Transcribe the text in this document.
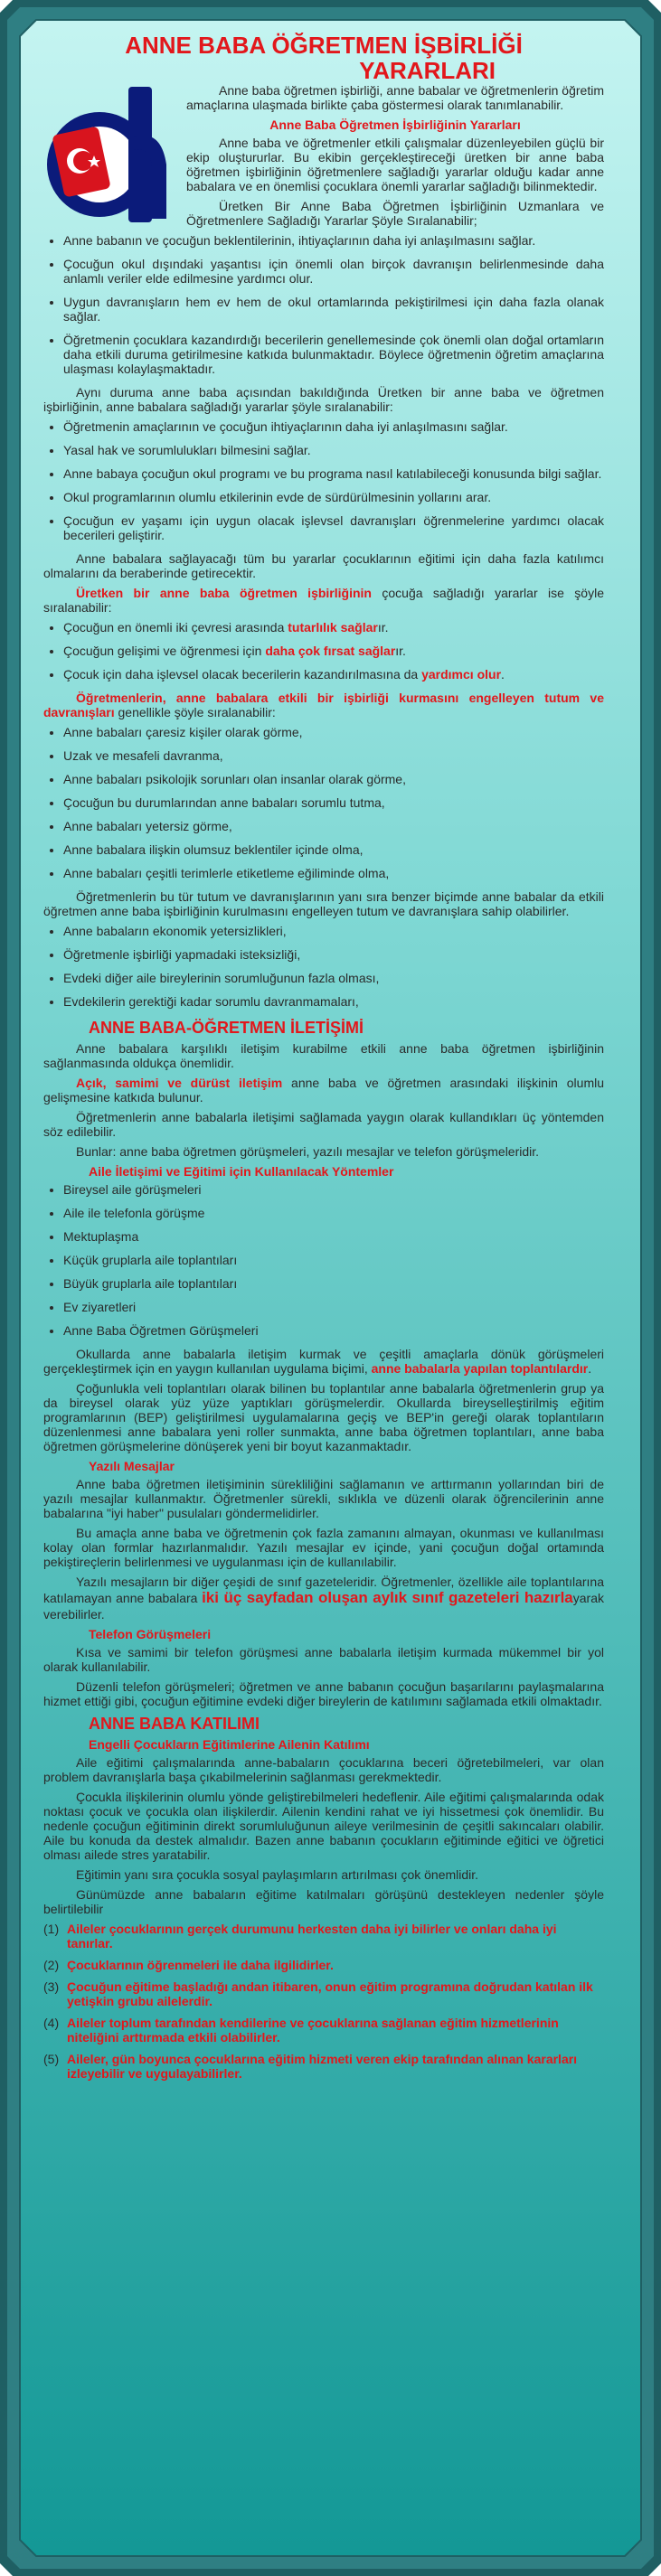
ANNE BABA ÖĞRETMEN İŞBİRLİĞİ
YARARLARI

Anne baba öğretmen işbirliği, anne babalar ve öğretmenlerin öğretim amaçlarına ulaşmada birlikte çaba göstermesi olarak tanımlanabilir.

Anne Baba Öğretmen İşbirliğinin Yararları

Anne baba ve öğretmenler etkili çalışmalar düzenleyebilen güçlü bir ekip oluştururlar. Bu ekibin gerçekleştireceği üretken bir anne baba öğretmen işbirliğinin öğretmenlere sağladığı yararlar olduğu kadar anne babalara ve en önemlisi çocuklara önemli yararlar sağladığı bilinmektedir.

Üretken Bir Anne Baba Öğretmen İşbirliğinin Uzmanlara ve Öğretmenlere Sağladığı Yararlar Şöyle Sıralanabilir;

• Anne babanın ve çocuğun beklentilerinin, ihtiyaçlarının daha iyi anlaşılmasını sağlar.
• Çocuğun okul dışındaki yaşantısı için önemli olan birçok davranışın belirlenmesinde daha anlamlı veriler elde edilmesine yardımcı olur.
• Uygun davranışların hem ev hem de okul ortamlarında pekiştirilmesi için daha fazla olanak sağlar.
• Öğretmenin çocuklara kazandırdığı becerilerin genellemesinde çok önemli olan doğal ortamların daha etkili duruma getirilmesine katkıda bulunmaktadır. Böylece öğretmenin öğretim amaçlarına ulaşması kolaylaşmaktadır.

Aynı duruma anne baba açısından bakıldığında Üretken bir anne baba ve öğretmen işbirliğinin, anne babalara sağladığı yararlar şöyle sıralanabilir:

• Öğretmenin amaçlarının ve çocuğun ihtiyaçlarının daha iyi anlaşılmasını sağlar.
• Yasal hak ve sorumlulukları bilmesini sağlar.
• Anne babaya çocuğun okul programı ve bu programa nasıl katılabileceği konusunda bilgi sağlar.
• Okul programlarının olumlu etkilerinin evde de sürdürülmesinin yollarını arar.
• Çocuğun ev yaşamı için uygun olacak işlevsel davranışları öğrenmelerine yardımcı olacak becerileri geliştirir.

Anne babalara sağlayacağı tüm bu yararlar çocuklarının eğitimi için daha fazla katılımcı olmalarını da beraberinde getirecektir.

Üretken bir anne baba öğretmen işbirliğinin çocuğa sağladığı yararlar ise şöyle sıralanabilir:

• Çocuğun en önemli iki çevresi arasında tutarlılık sağlarır.
• Çocuğun gelişimi ve öğrenmesi için daha çok fırsat sağlarır.
• Çocuk için daha işlevsel olacak becerilerin kazandırılmasına da yardımcı olur.

Öğretmenlerin, anne babalara etkili bir işbirliği kurmasını engelleyen tutum ve davranışları genellikle şöyle sıralanabilir:

• Anne babaları çaresiz kişiler olarak görme,
• Uzak ve mesafeli davranma,
• Anne babaları psikolojik sorunları olan insanlar olarak görme,
• Çocuğun bu durumlarından anne babaları sorumlu tutma,
• Anne babaları yetersiz görme,
• Anne babalara ilişkin olumsuz beklentiler içinde olma,
• Anne babaları çeşitli terimlerle etiketleme eğiliminde olma,

Öğretmenlerin bu tür tutum ve davranışlarının yanı sıra benzer biçimde anne babalar da etkili öğretmen anne baba işbirliğinin kurulmasını engelleyen tutum ve davranışlara sahip olabilirler.

• Anne babaların ekonomik yetersizlikleri,
• Öğretmenle işbirliği yapmadaki isteksizliği,
• Evdeki diğer aile bireylerinin sorumluğunun fazla olması,
• Evdekilerin gerektiği kadar sorumlu davranmamaları,
ANNE BABA-ÖĞRETMEN İLETİŞİMİ

Anne babalara karşılıklı iletişim kurabilme etkili anne baba öğretmen işbirliğinin sağlanmasında oldukça önemlidir.

Açık, samimi ve dürüst iletişim anne baba ve öğretmen arasındaki ilişkinin olumlu gelişmesine katkıda bulunur.

Öğretmenlerin anne babalarla iletişimi sağlamada yaygın olarak kullandıkları üç yöntemden söz edilebilir.

Bunlar: anne baba öğretmen görüşmeleri, yazılı mesajlar ve telefon görüşmeleridir.

Aile İletişimi ve Eğitimi için Kullanılacak Yöntemler
• Bireysel aile görüşmeleri
• Aile ile telefonla görüşme
• Mektuplaşma
• Küçük gruplarla aile toplantıları
• Büyük gruplarla aile toplantıları
• Ev ziyaretleri
• Anne Baba Öğretmen Görüşmeleri

Okullarda anne babalarla iletişim kurmak ve çeşitli amaçlarla dönük görüşmeleri gerçekleştirmek için en yaygın kullanılan uygulama biçimi, anne babalarla yapılan toplantılardır.

Çoğunlukla veli toplantıları olarak bilinen bu toplantılar anne babalarla öğretmenlerin grup ya da bireysel olarak yüz yüze yaptıkları görüşmelerdir. Okullarda bireyselleştirilmiş eğitim programlarının (BEP) geliştirilmesi uygulamalarına geçiş ve BEP'in gereği olarak toplantıların düzenlenmesi anne babalara yeni roller sunmakta, anne baba öğretmen toplantıları, anne baba öğretmen görüşmelerine dönüşerek yeni bir boyut kazanmaktadır.

Yazılı Mesajlar

Anne baba öğretmen iletişiminin sürekliliğini sağlamanın ve arttırmanın yollarından biri de yazılı mesajlar kullanmaktır. Öğretmenler sürekli, sıklıkla ve düzenli olarak öğrencilerinin anne babalarına "iyi haber" pusulaları göndermelidirler.

Bu amaçla anne baba ve öğretmenin çok fazla zamanını almayan, okunması ve kullanılması kolay olan formlar hazırlanmalıdır. Yazılı mesajlar ev içinde, yani çocuğun doğal ortamında pekiştireçlerin belirlenmesi ve uygulanması için de kullanılabilir.

Yazılı mesajların bir diğer çeşidi de sınıf gazeteleridir. Öğretmenler, özellikle aile toplantılarına katılamayan anne babalara iki üç sayfadan oluşan aylık sınıf gazeteleri hazırlayarak verebilirler.

Telefon Görüşmeleri

Kısa ve samimi bir telefon görüşmesi anne babalarla iletişim kurmada mükemmel bir yol olarak kullanılabilir.

Düzenli telefon görüşmeleri; öğretmen ve anne babanın çocuğun başarılarını paylaşmalarına hizmet ettiği gibi, çocuğun eğitimine evdeki diğer bireylerin de katılımını sağlamada etkili olmaktadır.

ANNE BABA KATILIMI
Engelli Çocukların Eğitimlerine Ailenin Katılımı

Aile eğitimi çalışmalarında anne-babaların çocuklarına beceri öğretebilmeleri, var olan problem davranışlarla başa çıkabilmelerinin sağlanması gerekmektedir.

Çocukla ilişkilerinin olumlu yönde geliştirebilmeleri hedeflenir. Aile eğitimi çalışmalarında odak noktası çocuk ve çocukla olan ilişkilerdir. Ailenin kendini rahat ve iyi hissetmesi çok önemlidir. Bu nedenle çocuğun eğitiminin direkt sorumluluğunun aileye verilmesinin de çeşitli sakıncaları olabilir. Aile bu konuda da destek almalıdır. Bazen anne babanın çocukların eğitiminde eğitici ve öğretici olması ailede stres yaratabilir.

Eğitimin yanı sıra çocukla sosyal paylaşımların artırılması çok önemlidir.

Günümüzde anne babaların eğitime katılmaları görüşünü destekleyen nedenler şöyle belirtilebilir

(1) Aileler çocuklarının gerçek durumunu herkesten daha iyi bilirler ve onları daha iyi tanırlar.
(2) Çocuklarının öğrenmeleri ile daha ilgilidirler.
(3) Çocuğun eğitime başladığı andan itibaren, onun eğitim programına doğrudan katılan ilk yetişkin grubu ailelerdir.
(4) Aileler toplum tarafından kendilerine ve çocuklarına sağlanan eğitim hizmetlerinin niteliğini arttırmada etkili olabilirler.
(5) Aileler, gün boyunca çocuklarına eğitim hizmeti veren ekip tarafından alınan kararları izleyebilir ve uygulayabilirler.
